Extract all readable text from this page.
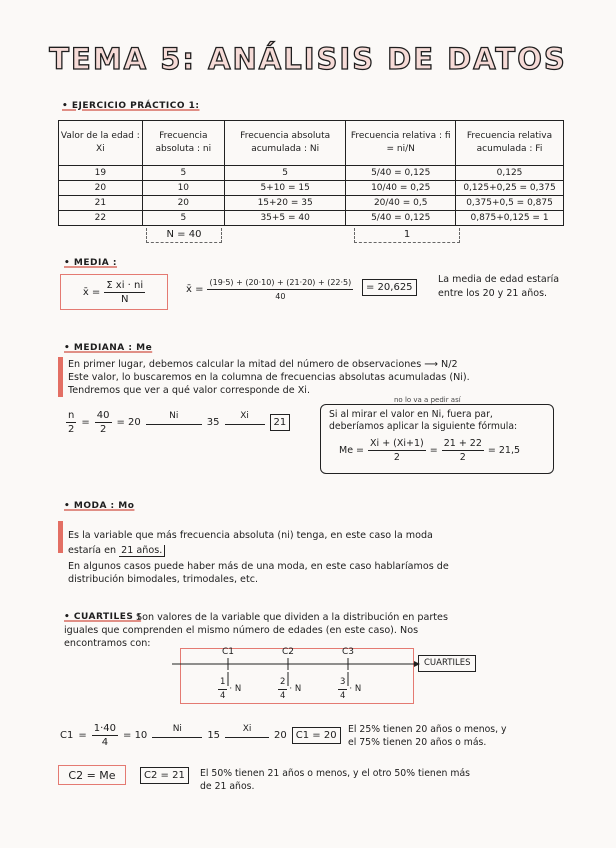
TEMA 5: ANÁLISIS DE DATOS
• EJERCICIO PRÁCTICO 1:
Valor de la edad : Xi	Frecuencia absoluta : ni	Frecuencia absoluta acumulada : Ni	Frecuencia relativa : fi = ni/N	Frecuencia relativa acumulada : Fi
19	5	5	5/40 = 0,125	0,125
20	10	5+10 = 15	10/40 = 0,25	0,125+0,25 = 0,375
21	20	15+20 = 35	20/40 = 0,5	0,375+0,5 = 0,875
22	5	35+5 = 40	5/40 = 0,125	0,875+0,125 = 1
N = 40	1
• MEDIA :
x̄ = $\frac{\text{Σ xi · ni}}{N}$	x̄ = $\frac{(19\cdot 5) + (20\cdot 10) + (21\cdot 20) + (22\cdot 5)}{40}$	= 20,625
La media de edad estaría entre los 20 y 21 años.
• MEDIANA : Me
En primer lugar, debemos calcular la mitad del número de observaciones ⟶ N/2
Este valor, lo buscaremos en la columna de frecuencias absolutas acumuladas (Ni).
Tendremos que ver a qué valor corresponde de Xi.
$\frac{n}{2} = \frac{40}{2} = 20$
Ni
35
Xi
21
no lo va a pedir así
Si al mirar el valor en Ni, fuera par, deberíamos aplicar la siguiente fórmula:
$Me = \frac{Xi + (Xi+1)}{2} = \frac{21 + 22}{2} = 21,5$
• MODA : Mo
Es la variable que más frecuencia absoluta (ni) tenga, en este caso la moda
estaría en 21 años.
En algunos casos puede haber más de una moda, en este caso hablaríamos de
distribución bimodales, trimodales, etc.
• CUARTILES :
Son valores de la variable que dividen a la distribución en partes
iguales que comprenden el mismo número de edades (en este caso). Nos
encontramos con:
C1	C2	C3
$\frac{1}{4} \cdot N$	$\frac{2}{4} \cdot N$	$\frac{3}{4} \cdot N$
CUARTILES
$C1 = \frac{1\cdot 40}{4} = 10$
Ni
15
Xi
20 C1 = 20
El 25% tienen 20 años o menos, y
el 75% tienen 20 años o más.
C2 = Me	C2 = 21	El 50% tienen 21 años o menos, y el otro 50% tienen más
de 21 años.
